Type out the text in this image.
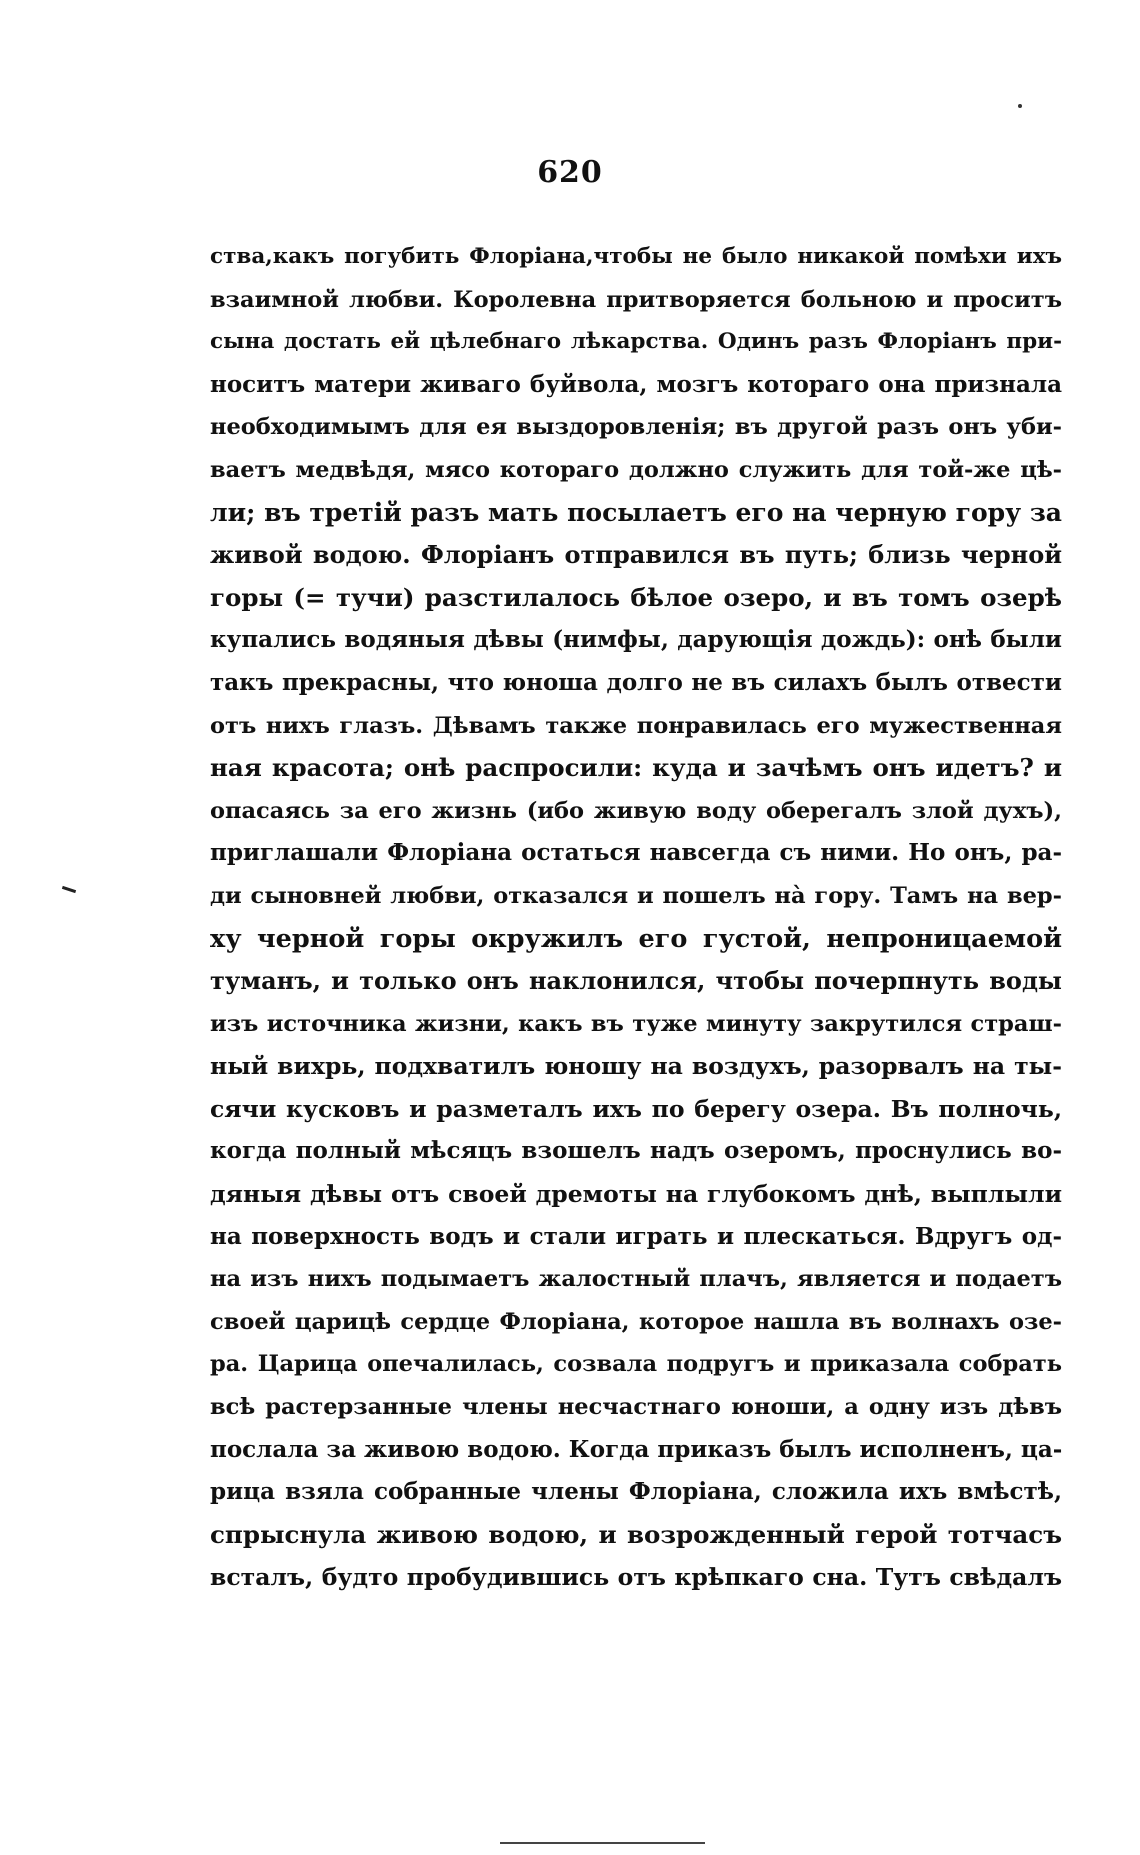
620
ства,какъ погубить Флоріана,чтобы не было никакой помѣхи ихъ
взаимной любви. Королевна притворяется больною и проситъ
сына достать ей цѣлебнаго лѣкарства. Одинъ разъ Флоріанъ при-
носитъ матери живаго буйвола, мозгъ котораго она признала
необходимымъ для ея выздоровленія; въ другой разъ онъ уби-
ваетъ медвѣдя, мясо котораго должно служить для той-же цѣ-
ли; въ третій разъ мать посылаетъ его на черную гору за
живой водою. Флоріанъ отправился въ путь; близь черной
горы (= тучи) разстилалось бѣлое озеро, и въ томъ озерѣ
купались водяныя дѣвы (нимфы, дарующія дождь): онѣ были
такъ прекрасны, что юноша долго не въ силахъ былъ отвести
отъ нихъ глазъ. Дѣвамъ также понравилась его мужественная
ная красота; онѣ распросили: куда и зачѣмъ онъ идетъ? и
опасаясь за его жизнь (ибо живую воду оберегалъ злой духъ),
приглашали Флоріана остаться навсегда съ ними. Но онъ, ра-
ди сыновней любви, отказался и пошелъ на̀ гору. Тамъ на вер-
ху черной горы окружилъ его густой, непроницаемой
туманъ, и только онъ наклонился, чтобы почерпнуть воды
изъ источника жизни, какъ въ туже минуту закрутился страш-
ный вихрь, подхватилъ юношу на воздухъ, разорвалъ на ты-
сячи кусковъ и разметалъ ихъ по берегу озера. Въ полночь,
когда полный мѣсяцъ взошелъ надъ озеромъ, проснулись во-
дяныя дѣвы отъ своей дремоты на глубокомъ днѣ, выплыли
на поверхность водъ и стали играть и плескаться. Вдругъ од-
на изъ нихъ подымаетъ жалостный плачъ, является и подаетъ
своей царицѣ сердце Флоріана, которое нашла въ волнахъ озе-
ра. Царица опечалилась, созвала подругъ и приказала собрать
всѣ растерзанные члены несчастнаго юноши, а одну изъ дѣвъ
послала за живою водою. Когда приказъ былъ исполненъ, ца-
рица взяла собранные члены Флоріана, сложила ихъ вмѣстѣ,
спрыснула живою водою, и возрожденный герой тотчасъ
всталъ, будто пробудившись отъ крѣпкаго сна. Тутъ свѣдалъ
